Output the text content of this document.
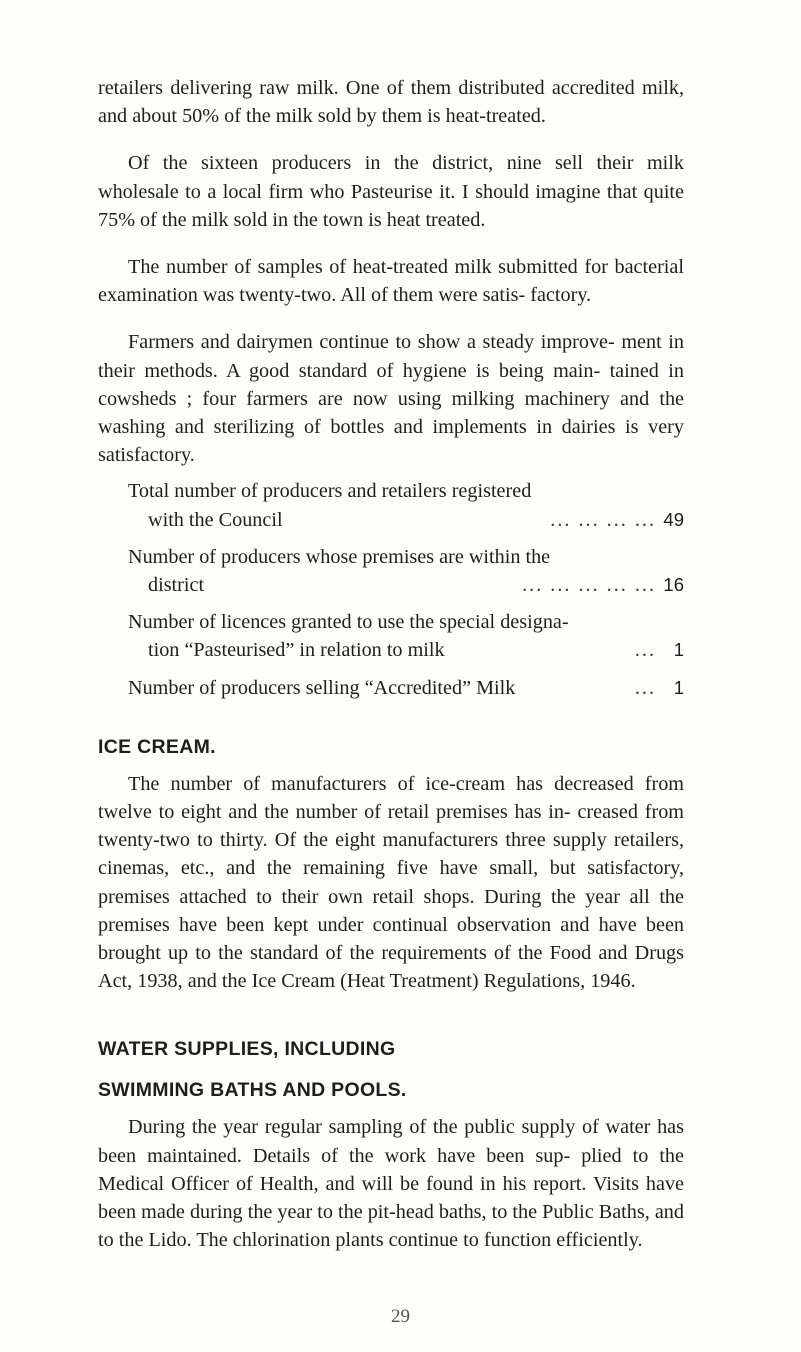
retailers delivering raw milk. One of them distributed accredited milk, and about 50% of the milk sold by them is heat-treated.

Of the sixteen producers in the district, nine sell their milk wholesale to a local firm who Pasteurise it. I should imagine that quite 75% of the milk sold in the town is heat treated.

The number of samples of heat-treated milk submitted for bacterial examination was twenty-two. All of them were satis- factory.

Farmers and dairymen continue to show a steady improve- ment in their methods. A good standard of hygiene is being main- tained in cowsheds ; four farmers are now using milking machinery and the washing and sterilizing of bottles and implements in dairies is very satisfactory.

Total number of producers and retailers registered
with the Council	... ... ... ... 49
Number of producers whose premises are within the
district	... ... ... ... ... 16
Number of licences granted to use the special designa-
tion “Pasteurised” in relation to milk	... 1
Number of producers selling “Accredited” Milk	... 1
ICE CREAM.

The number of manufacturers of ice-cream has decreased from twelve to eight and the number of retail premises has in- creased from twenty-two to thirty. Of the eight manufacturers three supply retailers, cinemas, etc., and the remaining five have small, but satisfactory, premises attached to their own retail shops. During the year all the premises have been kept under continual observation and have been brought up to the standard of the requirements of the Food and Drugs Act, 1938, and the Ice Cream (Heat Treatment) Regulations, 1946.

WATER SUPPLIES, INCLUDING
SWIMMING BATHS AND POOLS.

During the year regular sampling of the public supply of water has been maintained. Details of the work have been sup- plied to the Medical Officer of Health, and will be found in his report. Visits have been made during the year to the pit-head baths, to the Public Baths, and to the Lido. The chlorination plants continue to function efficiently.

29
